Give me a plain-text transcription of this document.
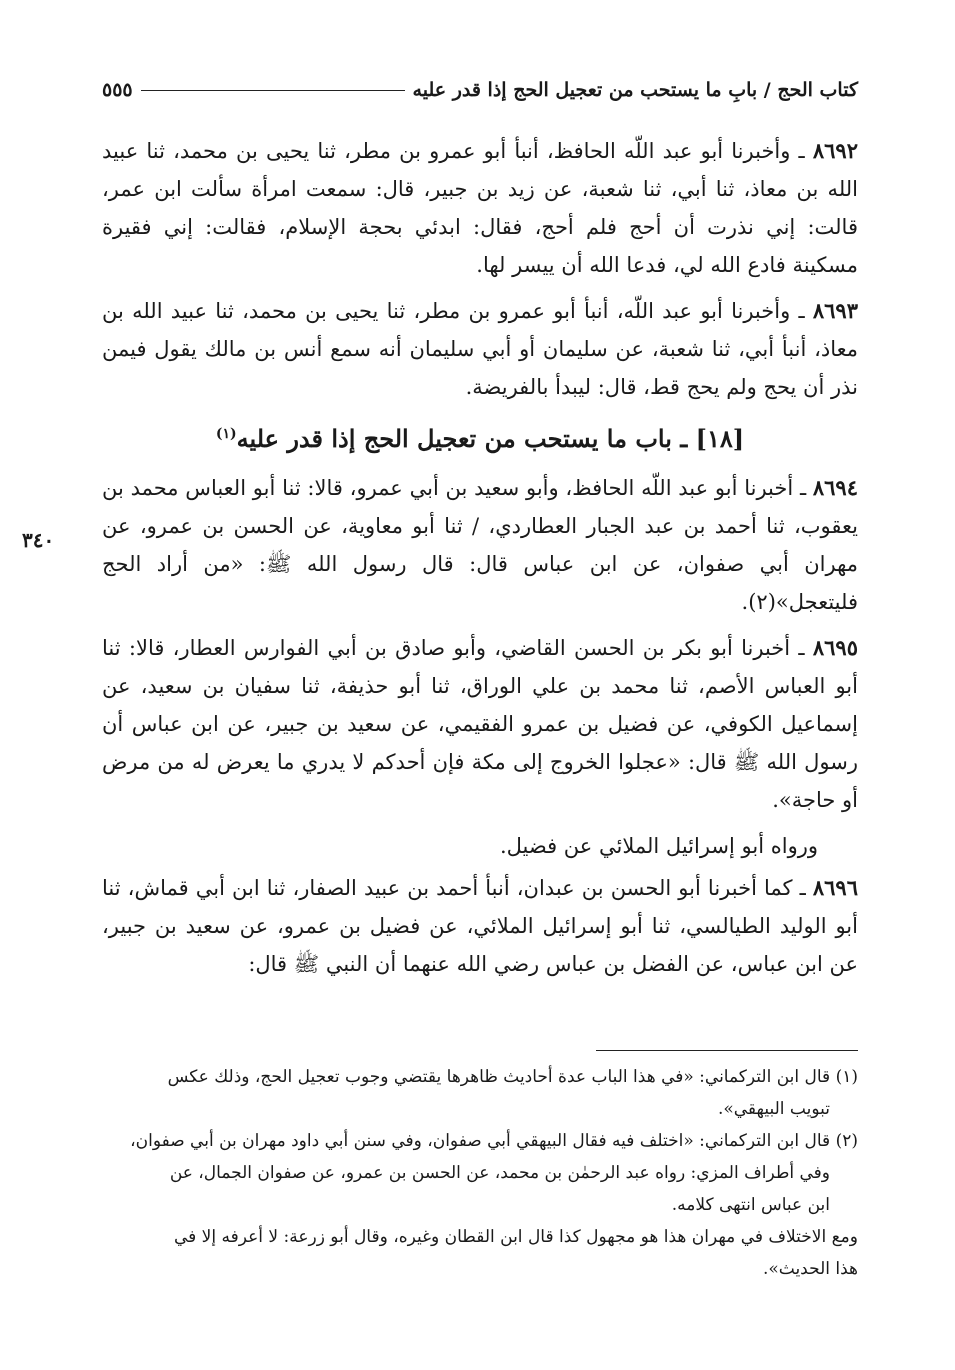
كتاب الحج / بابِ ما يستحب من تعجيل الحج إذا قدر عليه
٥٥٥
٣٤٠

٨٦٩٢ ـ وأخبرنا أبو عبد اللّه الحافظ، أنبأ أبو عمرو بن مطر، ثنا يحيى بن محمد، ثنا عبيد الله بن معاذ، ثنا أبي، ثنا شعبة، عن زيد بن جبير، قال: سمعت امرأة سألت ابن عمر، قالت: إني نذرت أن أحج فلم أحج، فقال: ابدئي بحجة الإسلام، فقالت: إني فقيرة مسكينة فادع الله لي، فدعا الله أن ييسر لها.

٨٦٩٣ ـ وأخبرنا أبو عبد اللّه، أنبأ أبو عمرو بن مطر، ثنا يحيى بن محمد، ثنا عبيد الله بن معاذ، أنبأ أبي، ثنا شعبة، عن سليمان أو أبي سليمان أنه سمع أنس بن مالك يقول فيمن نذر أن يحج ولم يحج قط، قال: ليبدأ بالفريضة.

[١٨] ـ باب ما يستحب من تعجيل الحج إذا قدر عليه$^{(١)}$

٨٦٩٤ ـ أخبرنا أبو عبد اللّه الحافظ، وأبو سعيد بن أبي عمرو، قالا: ثنا أبو العباس محمد بن يعقوب، ثنا أحمد بن عبد الجبار العطاردي، / ثنا أبو معاوية، عن الحسن بن عمرو، عن مهران أبي صفوان، عن ابن عباس قال: قال رسول الله ﷺ: «من أراد الحج فليتعجل»(٢).

٨٦٩٥ ـ أخبرنا أبو بكر بن الحسن القاضي، وأبو صادق بن أبي الفوارس العطار، قالا: ثنا أبو العباس الأصم، ثنا محمد بن علي الوراق، ثنا أبو حذيفة، ثنا سفيان بن سعيد، عن إسماعيل الكوفي، عن فضيل بن عمرو الفقيمي، عن سعيد بن جبير، عن ابن عباس أن رسول الله ﷺ قال: «عجلوا الخروج إلى مكة فإن أحدكم لا يدري ما يعرض له من مرض أو حاجة».

ورواه أبو إسرائيل الملائي عن فضيل.

٨٦٩٦ ـ كما أخبرنا أبو الحسن بن عبدان، أنبأ أحمد بن عبيد الصفار، ثنا ابن أبي قماش، ثنا أبو الوليد الطيالسي، ثنا أبو إسرائيل الملائي، عن فضيل بن عمرو، عن سعيد بن جبير، عن ابن عباس، عن الفضل بن عباس رضي الله عنهما أن النبي ﷺ قال:

(١) قال ابن التركماني: «في هذا الباب عدة أحاديث ظاهرها يقتضي وجوب تعجيل الحج، وذلك عكس

تبويب البيهقي».

(٢) قال ابن التركماني: «اختلف فيه فقال البيهقي أبي صفوان، وفي سنن أبي داود مهران بن أبي صفوان،

وفي أطراف المزي: رواه عبد الرحمٰن بن محمد، عن الحسن بن عمرو، عن صفوان الجمال، عن

ابن عباس انتهى كلامه.

ومع الاختلاف في مهران هذا هو مجهول كذا قال ابن القطان وغيره، وقال أبو زرعة: لا أعرفه إلا في

هذا الحديث».
